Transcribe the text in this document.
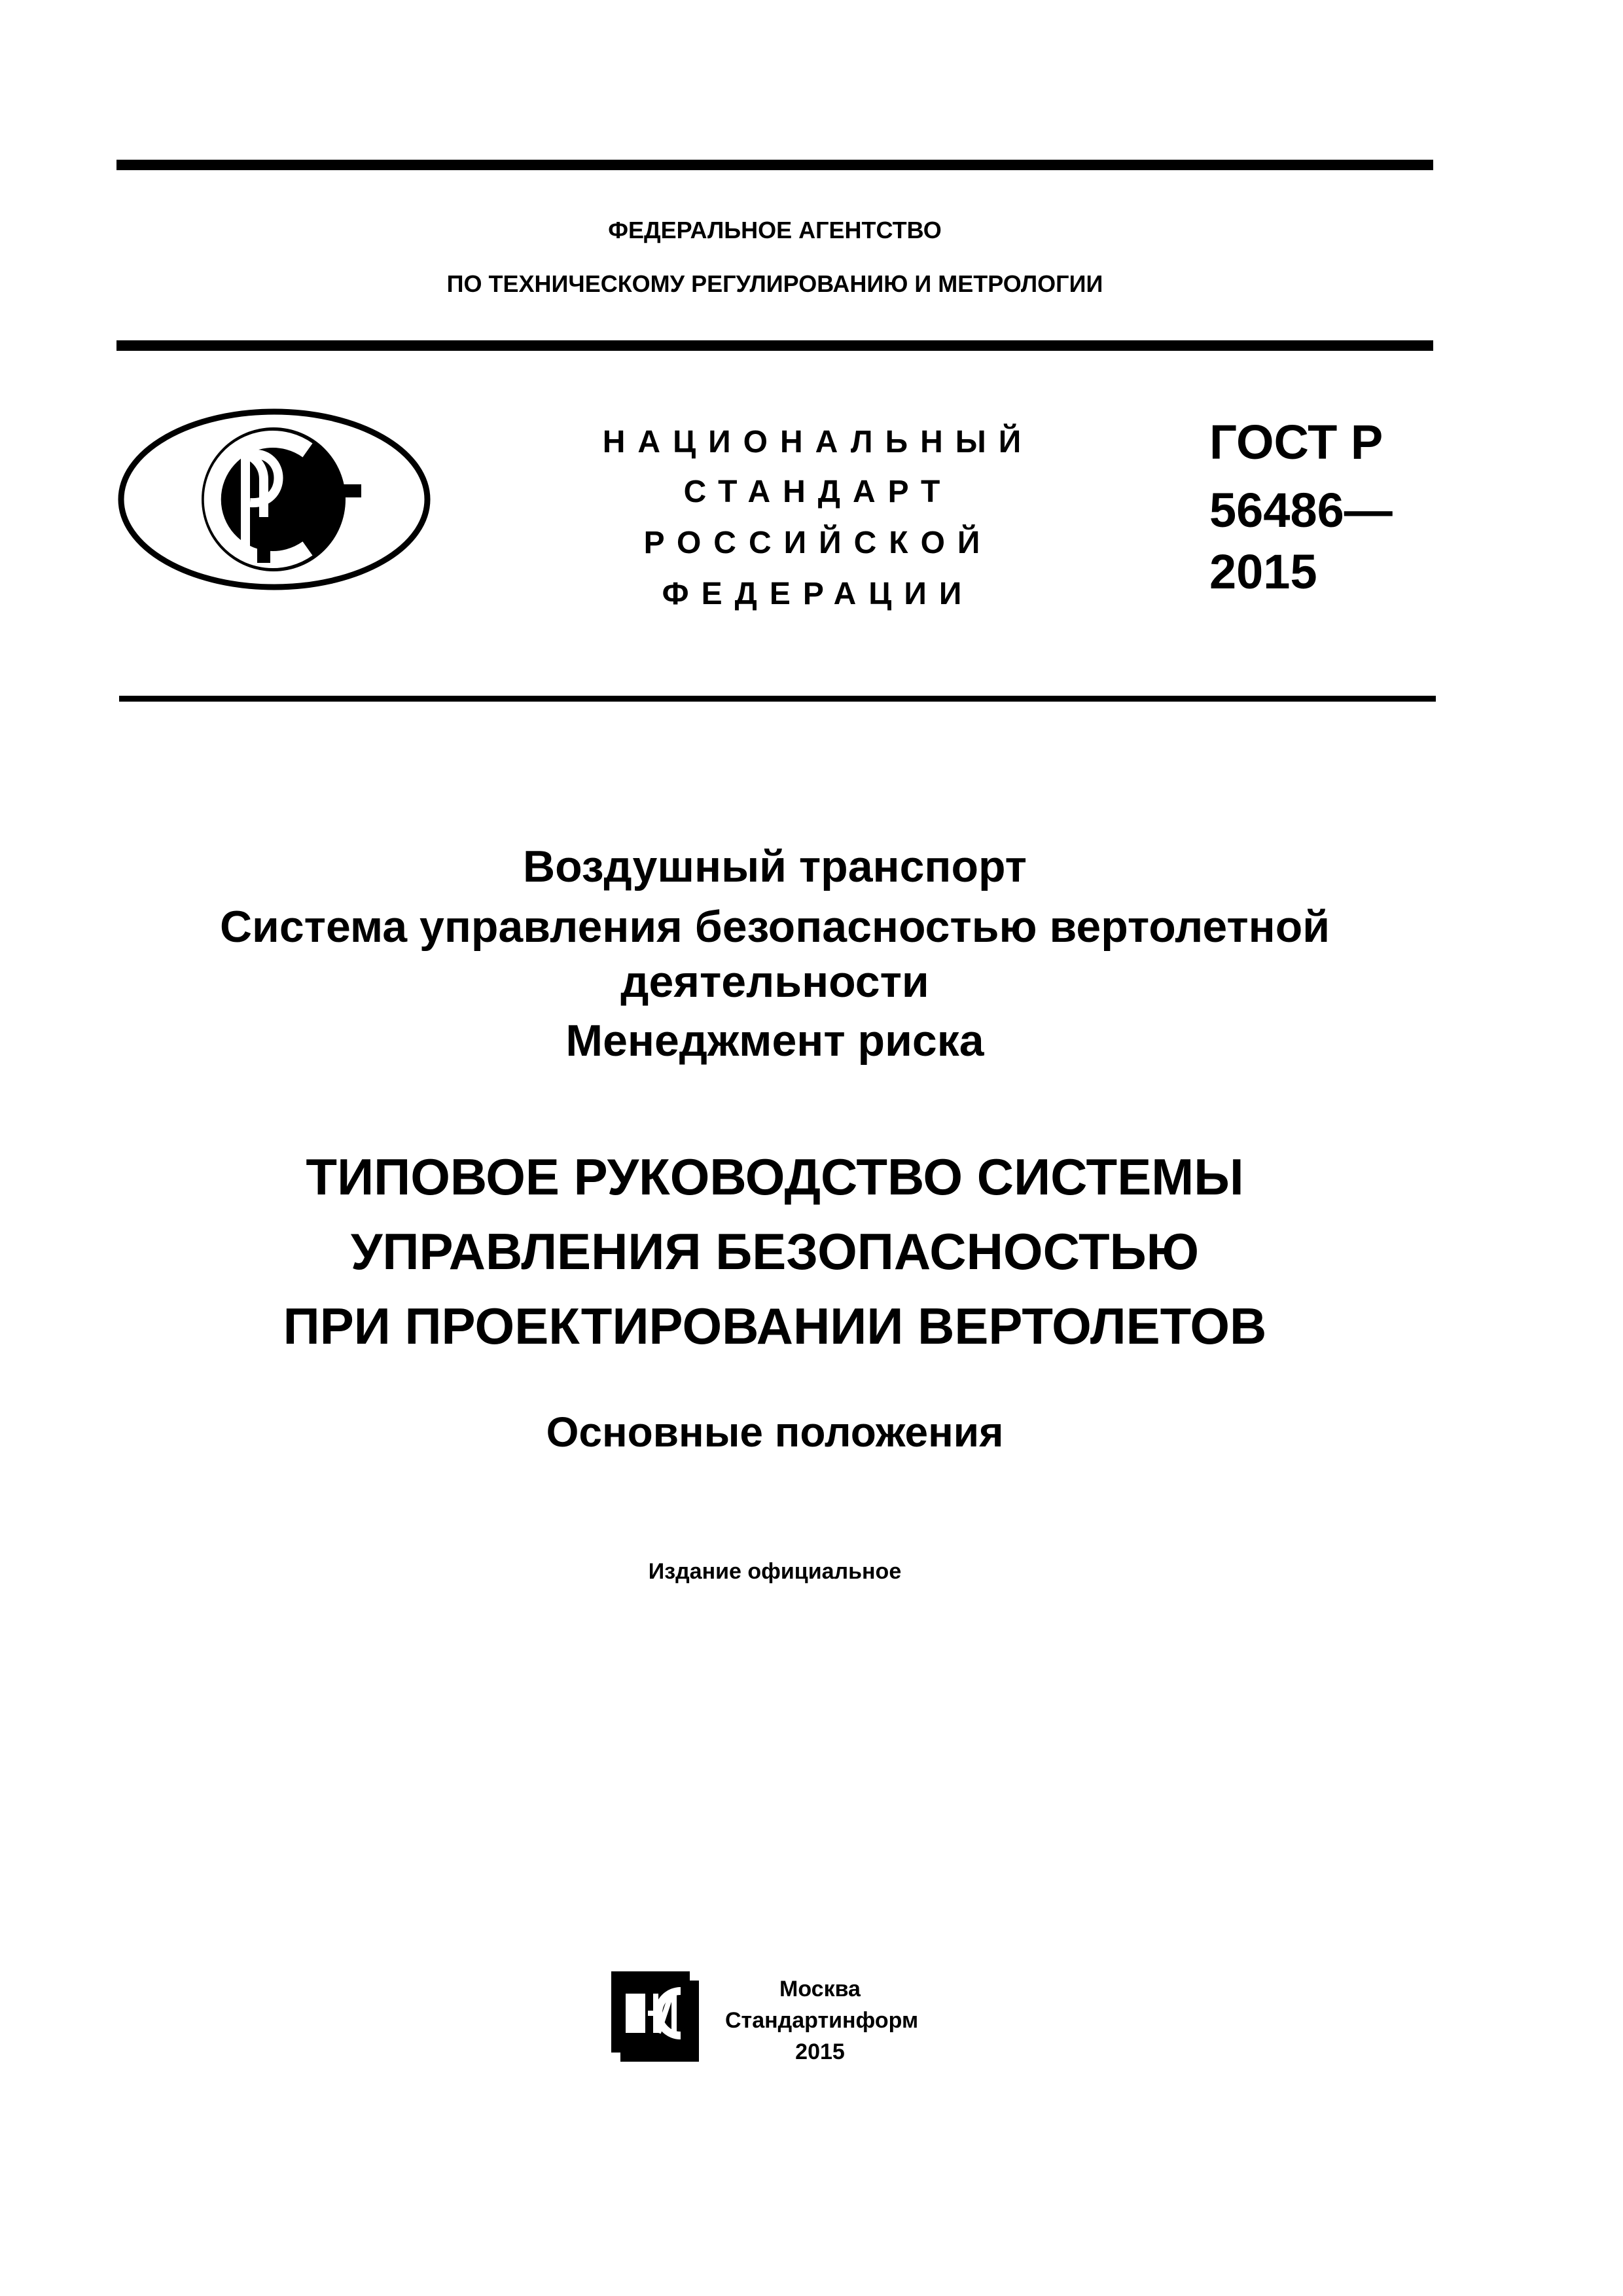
ФЕДЕРАЛЬНОЕ АГЕНТСТВО
ПО ТЕХНИЧЕСКОМУ РЕГУЛИРОВАНИЮ И МЕТРОЛОГИИ
НАЦИОНАЛЬНЫЙ
СТАНДАРТ
РОССИЙСКОЙ
ФЕДЕРАЦИИ
ГОСТ Р
56486—
2015
Воздушный транспорт
Система управления безопасностью вертолетной
деятельности
Менеджмент риска
ТИПОВОЕ РУКОВОДСТВО СИСТЕМЫ
УПРАВЛЕНИЯ БЕЗОПАСНОСТЬЮ
ПРИ ПРОЕКТИРОВАНИИ ВЕРТОЛЕТОВ
Основные положения
Издание официальное
Москва
Стандартинформ
2015
